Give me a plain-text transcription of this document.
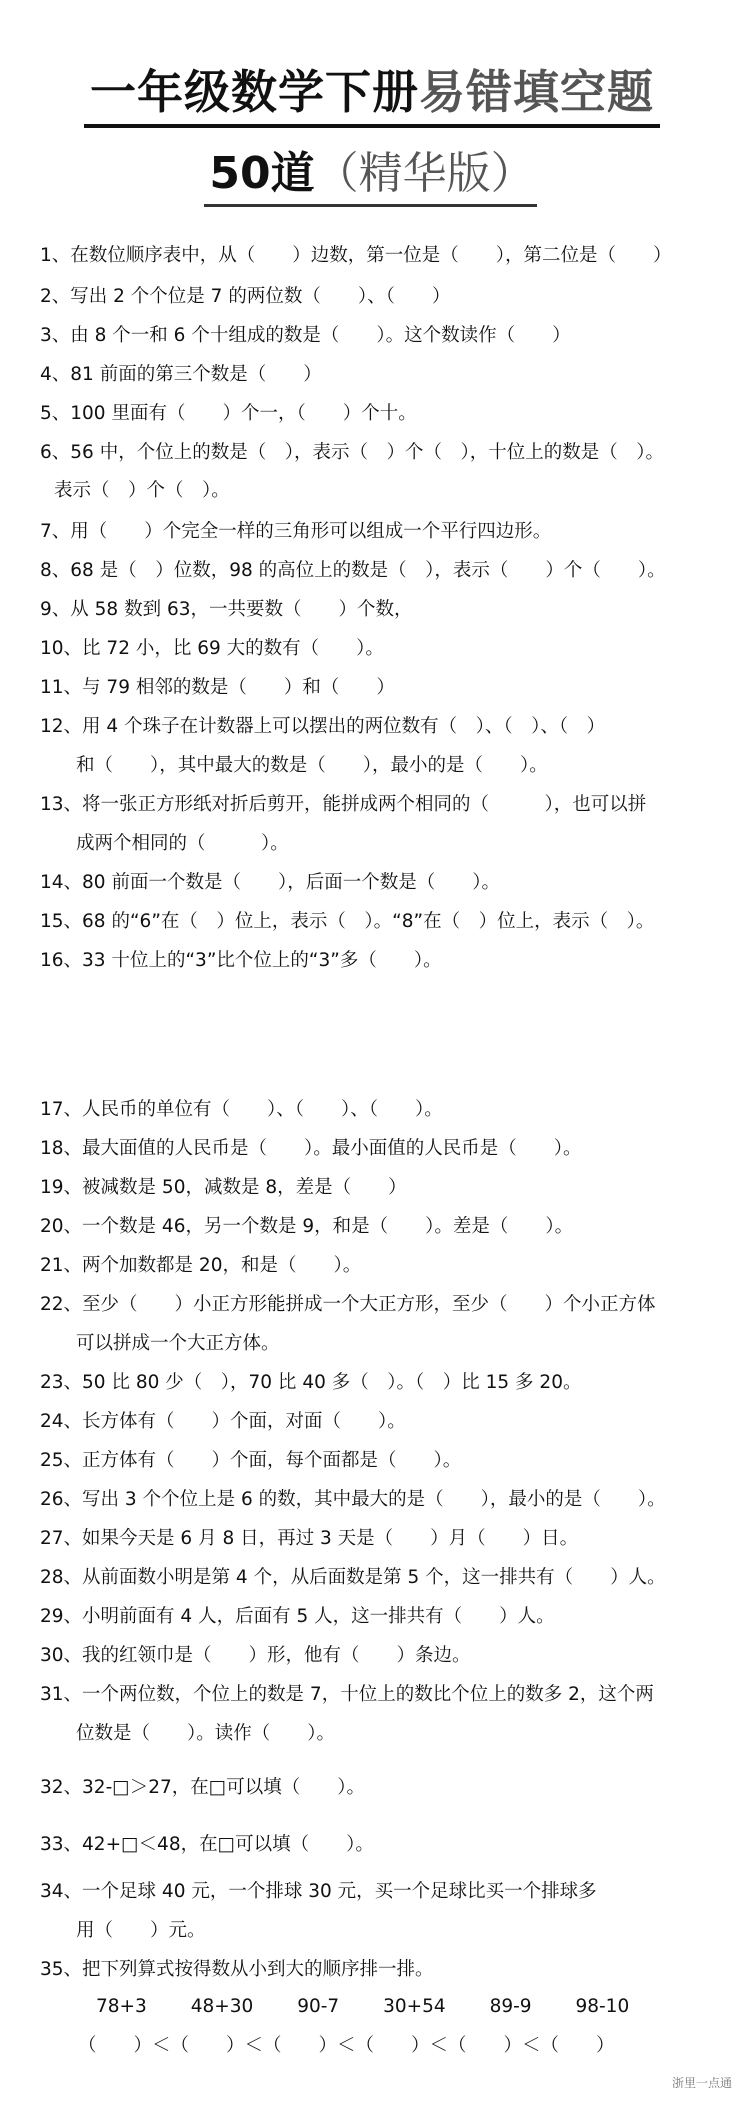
一年级数学下册易错填空题
50道（精华版）
1、在数位顺序表中，从（　　）边数，第一位是（　　），第二位是（　　）
2、写出 2 个个位是 7 的两位数（　　）、（　　）
3、由 8 个一和 6 个十组成的数是（　　）。这个数读作（　　）
4、81 前面的第三个数是（　　）
5、100 里面有（　　）个一，（　　）个十。
6、56 中，个位上的数是（　），表示（　）个（　），十位上的数是（　）。
表示（　）个（　）。
7、用（　　）个完全一样的三角形可以组成一个平行四边形。
8、68 是（　）位数，98 的高位上的数是（　），表示（　　）个（　　）。
9、从 58 数到 63，一共要数（　　）个数，
10、比 72 小，比 69 大的数有（　　）。
11、与 79 相邻的数是（　　）和（　　）
12、用 4 个珠子在计数器上可以摆出的两位数有（　）、（　）、（　）
和（　　），其中最大的数是（　　），最小的是（　　）。
13、将一张正方形纸对折后剪开，能拼成两个相同的（　　　），也可以拼
成两个相同的（　　　）。
14、80 前面一个数是（　　），后面一个数是（　　）。
15、68 的“6”在（　）位上，表示（　）。“8”在（　）位上，表示（　）。
16、33 十位上的“3”比个位上的“3”多（　　）。
17、人民币的单位有（　　）、（　　）、（　　）。
18、最大面值的人民币是（　　）。最小面值的人民币是（　　）。
19、被减数是 50，减数是 8，差是（　　）
20、一个数是 46，另一个数是 9，和是（　　）。差是（　　）。
21、两个加数都是 20，和是（　　）。
22、至少（　　）小正方形能拼成一个大正方形，至少（　　）个小正方体
可以拼成一个大正方体。
23、50 比 80 少（　），70 比 40 多（　）。（　）比 15 多 20。
24、长方体有（　　）个面，对面（　　）。
25、正方体有（　　）个面，每个面都是（　　）。
26、写出 3 个个位上是 6 的数，其中最大的是（　　），最小的是（　　）。
27、如果今天是 6 月 8 日，再过 3 天是（　　）月（　　）日。
28、从前面数小明是第 4 个，从后面数是第 5 个，这一排共有（　　）人。
29、小明前面有 4 人，后面有 5 人，这一排共有（　　）人。
30、我的红领巾是（　　）形，他有（　　）条边。
31、一个两位数，个位上的数是 7，十位上的数比个位上的数多 2，这个两
位数是（　　）。读作（　　）。
32、32-□＞27，在□可以填（　　）。
33、42+□＜48，在□可以填（　　）。
34、一个足球 40 元，一个排球 30 元，买一个足球比买一个排球多
用（　　）元。
35、把下列算式按得数从小到大的顺序排一排。
78+3 48+30 90-7 30+54 89-9 98-10
（　　）＜（　　）＜（　　）＜（　　）＜（　　）＜（　　）
浙里一点通
